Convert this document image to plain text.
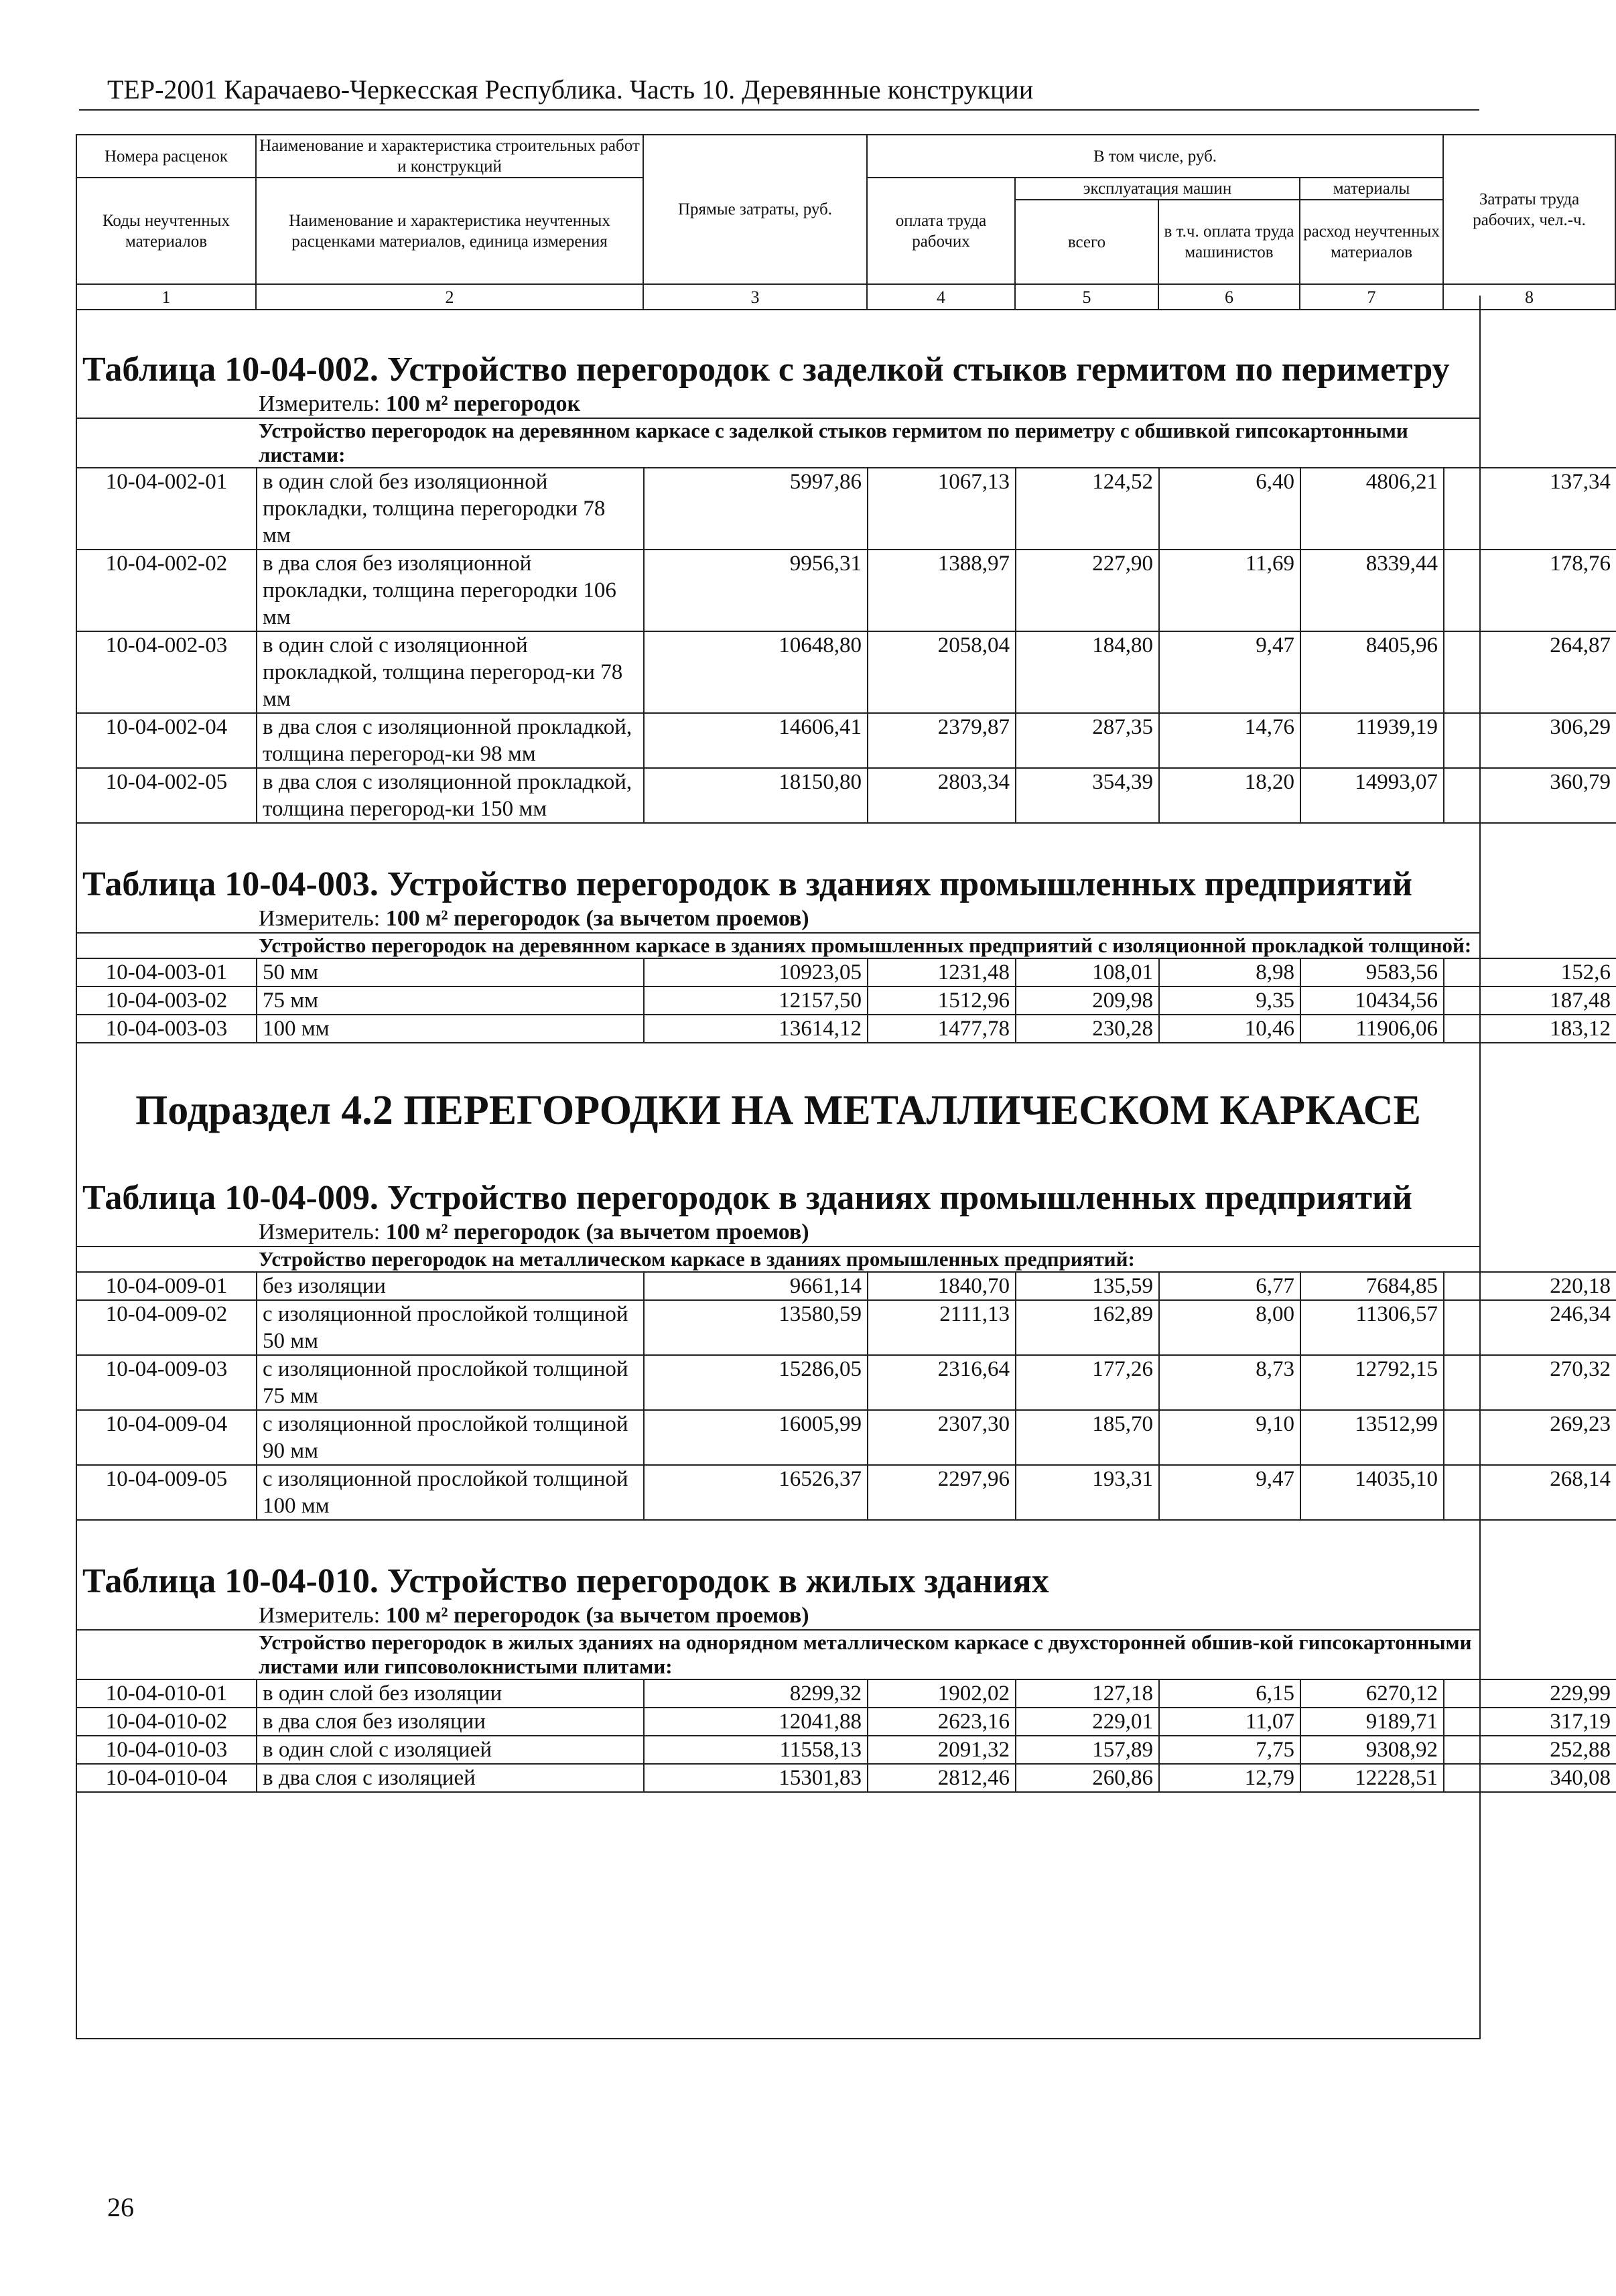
ТЕР-2001 Карачаево-Черкесская Республика. Часть 10. Деревянные конструкции
Номера расценок	Наименование и характеристика строительных работ и конструкций	Прямые затраты, руб.	В том числе, руб.				Затраты труда рабочих, чел.-ч.
Коды неучтенных материалов	Наименование и характеристика неучтенных расценками материалов, единица измерения		оплата труда рабочих	эксплуатация машин		материалы	
				всего	в т.ч. оплата труда машинистов	расход неучтенных материалов	
1	2	3	4	5	6	7	8
Таблица 10-04-002. Устройство перегородок с заделкой стыков гермитом по периметру
Измеритель: 100 м² перегородок
Устройство перегородок на деревянном каркасе с заделкой стыков гермитом по периметру с обшивкой гипсокартонными листами:
10-04-002-01	в один слой без изоляционной прокладки, толщина перегородки 78 мм	5997,86	1067,13	124,52	6,40	4806,21	137,34
10-04-002-02	в два слоя без изоляционной прокладки, толщина перегородки 106 мм	9956,31	1388,97	227,90	11,69	8339,44	178,76
10-04-002-03	в один слой с изоляционной прокладкой, толщина перегород-ки 78 мм	10648,80	2058,04	184,80	9,47	8405,96	264,87
10-04-002-04	в два слоя с изоляционной прокладкой, толщина перегород-ки 98 мм	14606,41	2379,87	287,35	14,76	11939,19	306,29
10-04-002-05	в два слоя с изоляционной прокладкой, толщина перегород-ки 150 мм	18150,80	2803,34	354,39	18,20	14993,07	360,79
Таблица 10-04-003. Устройство перегородок в зданиях промышленных предприятий
Измеритель: 100 м² перегородок (за вычетом проемов)
Устройство перегородок на деревянном каркасе в зданиях промышленных предприятий с изоляционной прокладкой толщиной:
10-04-003-01	50 мм	10923,05	1231,48	108,01	8,98	9583,56	152,6
10-04-003-02	75 мм	12157,50	1512,96	209,98	9,35	10434,56	187,48
10-04-003-03	100 мм	13614,12	1477,78	230,28	10,46	11906,06	183,12
Подраздел 4.2 ПЕРЕГОРОДКИ НА МЕТАЛЛИЧЕСКОМ КАРКАСЕ
Таблица 10-04-009. Устройство перегородок в зданиях промышленных предприятий
Измеритель: 100 м² перегородок (за вычетом проемов)
Устройство перегородок на металлическом каркасе в зданиях промышленных предприятий:
10-04-009-01	без изоляции	9661,14	1840,70	135,59	6,77	7684,85	220,18
10-04-009-02	с изоляционной прослойкой толщиной 50 мм	13580,59	2111,13	162,89	8,00	11306,57	246,34
10-04-009-03	с изоляционной прослойкой толщиной 75 мм	15286,05	2316,64	177,26	8,73	12792,15	270,32
10-04-009-04	с изоляционной прослойкой толщиной 90 мм	16005,99	2307,30	185,70	9,10	13512,99	269,23
10-04-009-05	с изоляционной прослойкой толщиной 100 мм	16526,37	2297,96	193,31	9,47	14035,10	268,14
Таблица 10-04-010. Устройство перегородок в жилых зданиях
Измеритель: 100 м² перегородок (за вычетом проемов)
Устройство перегородок в жилых зданиях на однорядном металлическом каркасе с двухсторонней обшив-кой гипсокартонными листами или гипсоволокнистыми плитами:
10-04-010-01	в один слой без изоляции	8299,32	1902,02	127,18	6,15	6270,12	229,99
10-04-010-02	в два слоя без изоляции	12041,88	2623,16	229,01	11,07	9189,71	317,19
10-04-010-03	в один слой с изоляцией	11558,13	2091,32	157,89	7,75	9308,92	252,88
10-04-010-04	в два слоя с изоляцией	15301,83	2812,46	260,86	12,79	12228,51	340,08
26
